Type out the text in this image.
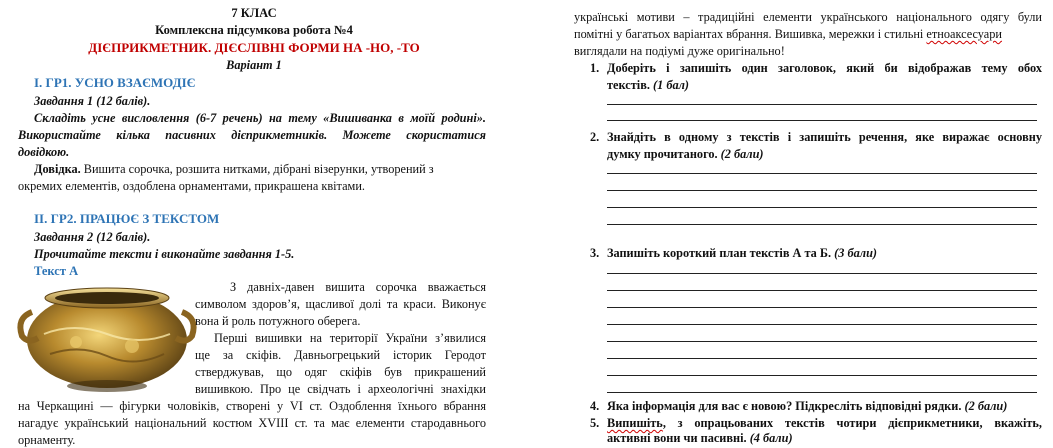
7 КЛАС
Комплексна підсумкова робота №4
ДІЄПРИКМЕТНИК. ДІЄСЛІВНІ ФОРМИ НА -НО, -ТО
Варіант 1
І. ГР1. УСНО ВЗАЄМОДІЄ
Завдання 1 (12 балів).
Складіть усне висловлення (6-7 речень) на тему «Вишиванка в моїй родині».
Використайте кілька пасивних дієприкметників. Можете скористатися
довідкою.
Довідка. Вишита сорочка, розшита нитками, дібрані візерунки, утворений з
окремих елементів, оздоблена орнаментами, прикрашена квітами.
ІІ. ГР2. ПРАЦЮЄ З ТЕКСТОМ
Завдання 2 (12 балів).
Прочитайте тексти і виконайте завдання 1-5.
Текст А
З давніх-давен вишита сорочка вважається
символом здоров’я, щасливої долі та краси. Виконує
вона й роль потужного оберега.
Перші вишивки на території України з’явилися
ще за скіфів. Давньогрецький історик Геродот
стверджував, що одяг скіфів був прикрашений
вишивкою. Про це свідчать і археологічні знахідки
на Черкащині — фігурки чоловіків, створені у VI ст. Оздоблення їхнього вбрання
нагадує український національний костюм XVIII ст. та має елементи стародавнього
орнаменту.
українські мотиви – традиційні елементи українського національного одягу були
помітні у багатьох варіантах вбрання. Вишивка, мережки і стильні етноаксесуари
виглядали на подіумі дуже оригінально!
1. Доберіть і запишіть один заголовок, який би відображав тему обох
текстів. (1 бал)
2. Знайдіть в одному з текстів і запишіть речення, яке виражає основну
думку прочитаного. (2 бали)
3. Запишіть короткий план текстів А та Б. (3 бали)
4. Яка інформація для вас є новою? Підкресліть відповідні рядки. (2 бали)
5. Випишіть, з опрацьованих текстів чотири дієприкметники, вкажіть,
активні вони чи пасивні. (4 бали)
